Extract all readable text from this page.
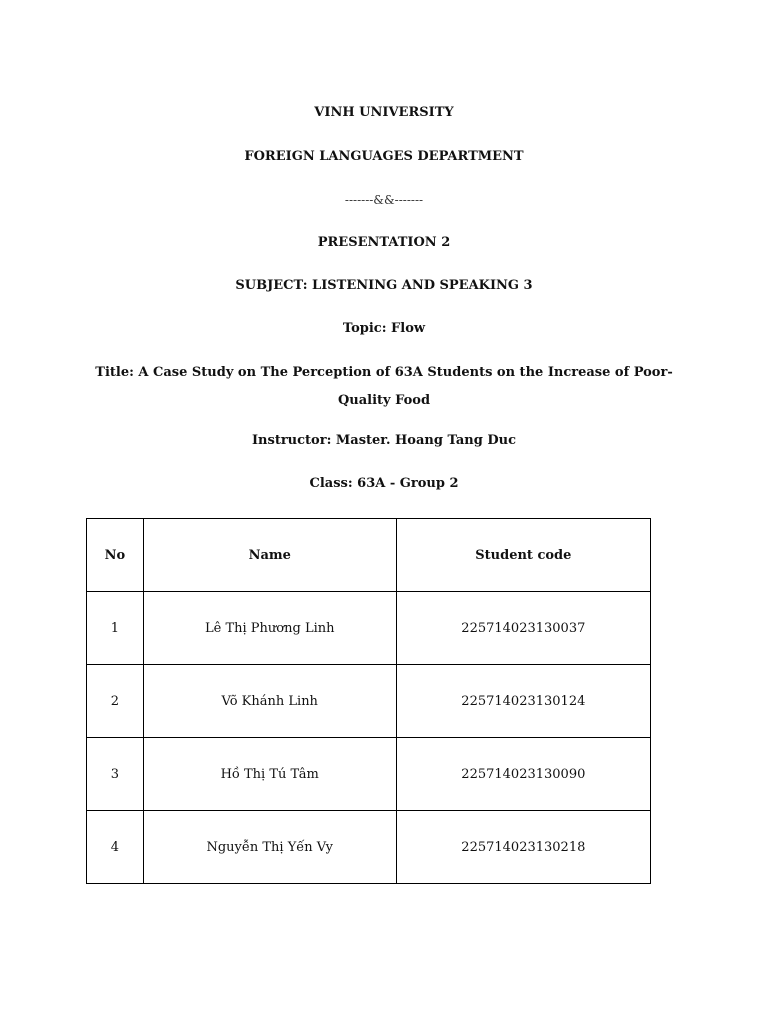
VINH UNIVERSITY
FOREIGN LANGUAGES DEPARTMENT
-------&&-------
PRESENTATION 2
SUBJECT: LISTENING AND SPEAKING 3
Topic: Flow
Title: A Case Study on The Perception of 63A Students on the Increase of Poor-
Quality Food
Instructor: Master. Hoang Tang Duc
Class: 63A - Group 2
No	Name	Student code
1	Lê Thị Phương Linh	225714023130037
2	Võ Khánh Linh	225714023130124
3	Hồ Thị Tú Tâm	225714023130090
4	Nguyễn Thị Yến Vy	225714023130218
